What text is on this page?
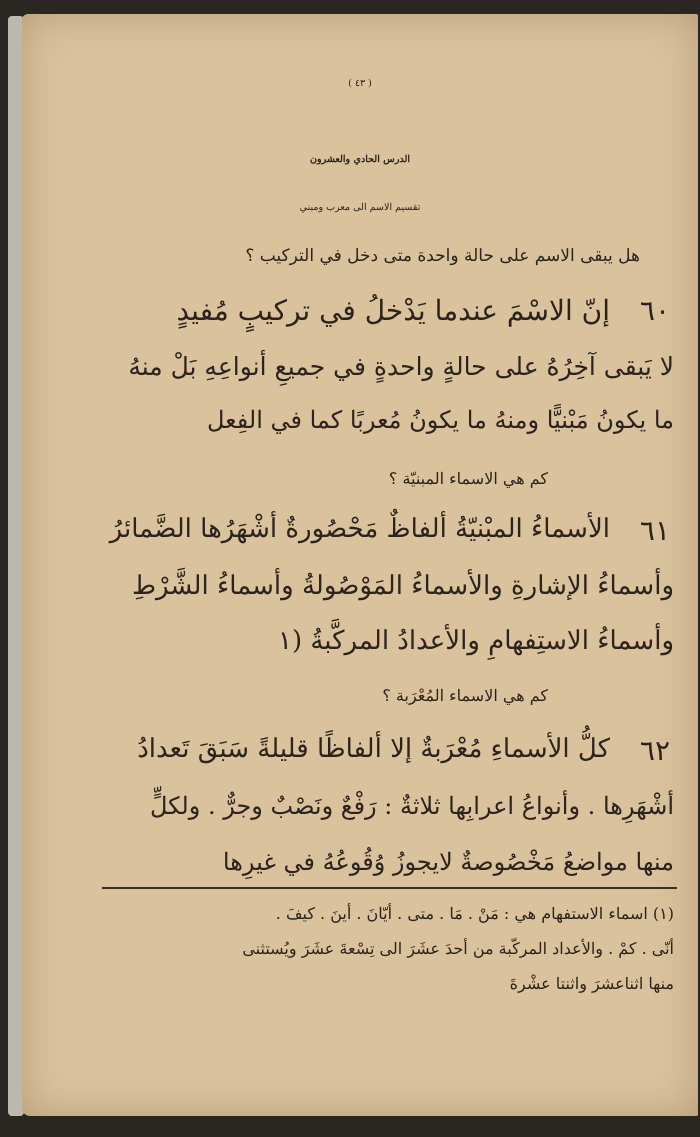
( ٤٣ )
الدرس الحادي والعشرون
تقسيم الاسم الى معرب ومبني
هل يبقى الاسم على حالة واحدة متى دخل في التركيب ؟
٦٠
إنّ الاسْمَ عندما يَدْخلُ في تركيبٍ مُفيدٍ
لا يَبقى آخِرُهُ على حالةٍ واحدةٍ في جميعِ أنواعِهِ بَلْ منهُ
ما يكونُ مَبْنيًّا ومنهُ ما يكونُ مُعربًا كما في الفِعل
كم هي الاسماء المبنيّة ؟
٦١
الأسماءُ المبْنيّةُ ألفاظٌ مَحْصُورةٌ أشْهَرُها الضَّمائرُ
وأسماءُ الإشارةِ والأسماءُ المَوْصُولةُ وأسماءُ الشَّرْطِ
وأسماءُ الاستِفهامِ والأعدادُ المركَّبةُ (١
كم هي الاسماء المُعْرَبة ؟
٦٢
كلُّ الأسماءِ مُعْرَبةٌ إلا ألفاظًا قليلةً سَبَقَ تَعدادُ
أشْهَرِها . وأنواعُ اعرابِها ثلاثةٌ : رَفْعٌ ونَصْبٌ وجرٌّ . ولكلٍّ
منها مواضعُ مَخْصُوصةٌ لايجوزُ وُقُوعُهُ في غيرِها
(١) اسماء الاستفهام هي : مَنْ . مَا . متى . أيّانَ . أينَ . كيفَ .
أنّى . كمْ . والأعداد المركّبة من أحدَ عشَرَ الى تِسْعةَ عشَرَ ويُستثنى
منها اثناعشرَ واثنتا عشْرةَ
